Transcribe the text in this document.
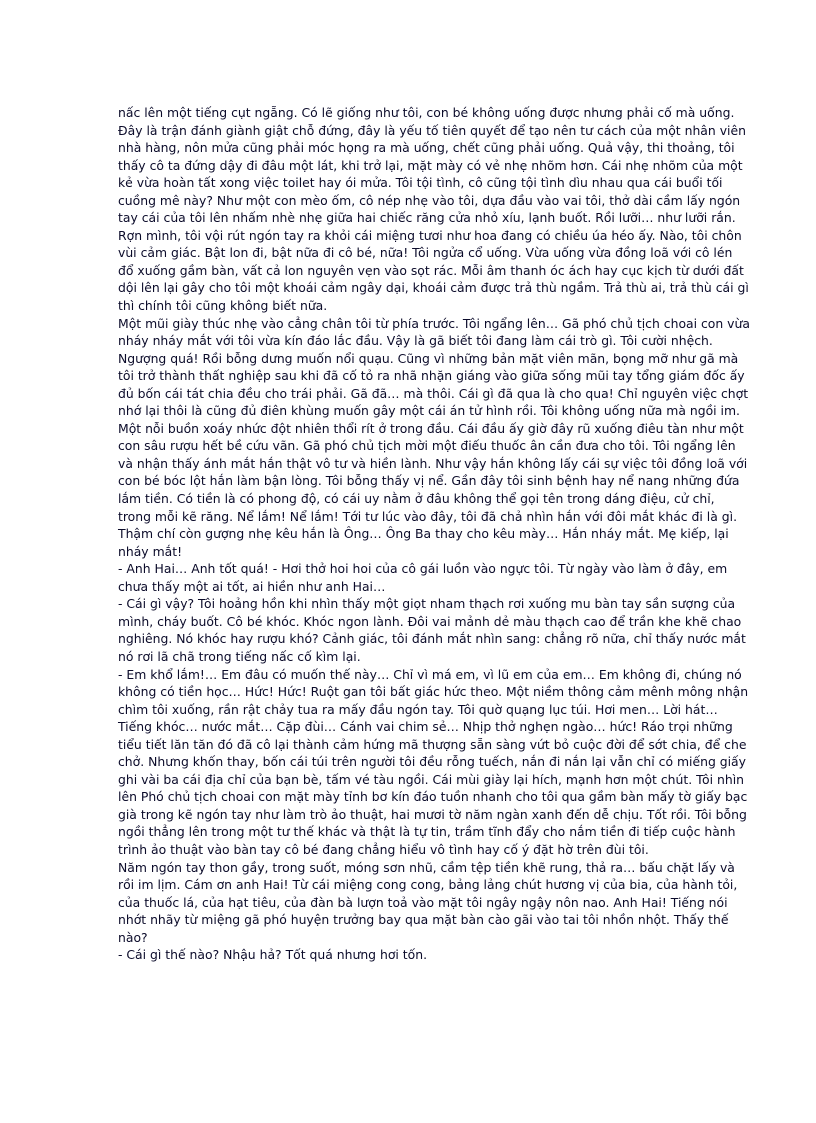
nấc lên một tiếng cụt ngẵng. Có lẽ giống như tôi, con bé không uống được nhưng phải cố mà uống. Đây là trận đánh giành giật chỗ đứng, đây là yếu tố tiên quyết để tạo nên tư cách của một nhân viên nhà hàng, nôn mửa cũng phải móc họng ra mà uống, chết cũng phải uống. Quả vậy, thi thoảng, tôi thấy cô ta đứng dậy đi đâu một lát, khi trở lại, mặt mày có vẻ nhẹ nhõm hơn. Cái nhẹ nhõm của một kẻ vừa hoàn tất xong việc toilet hay ói mửa. Tôi tội tình, cô cũng tội tình dìu nhau qua cái buổi tối cuồng mê này? Như một con mèo ốm, cô nép nhẹ vào tôi, dựa đầu vào vai tôi, thở dài cầm lấy ngón tay cái của tôi lên nhấm nhè nhẹ giữa hai chiếc răng cửa nhỏ xíu, lạnh buốt. Rồi lưỡi… như lưỡi rắn. Rợn mình, tôi vội rút ngón tay ra khỏi cái miệng tươi như hoa đang có chiều úa héo ấy. Nào, tôi chôn vùi cảm giác. Bật lon đi, bật nữa đi cô bé, nữa! Tôi ngửa cổ uống. Vừa uống vừa đồng loã với cô lén đổ xuống gầm bàn, vất cả lon nguyên vẹn vào sọt rác. Mỗi âm thanh óc ách hay cục kịch từ dưới đất dội lên lại gây cho tôi một khoái cảm ngây dại, khoái cảm được trả thù ngầm. Trả thù ai, trả thù cái gì thì chính tôi cũng không biết nữa.

Một mũi giày thúc nhẹ vào cẳng chân tôi từ phía trước. Tôi ngẩng lên… Gã phó chủ tịch choai con vừa nháy nháy mắt với tôi vừa kín đáo lắc đầu. Vậy là gã biết tôi đang làm cái trò gì. Tôi cười nhệch. Ngượng quá! Rồi bỗng dưng muốn nổi quạu. Cũng vì những bản mặt viên mãn, bọng mỡ như gã mà tôi trở thành thất nghiệp sau khi đã cố tỏ ra nhã nhặn giáng vào giữa sống mũi tay tổng giám đốc ấy đủ bốn cái tát chia đều cho trái phải. Gã đã… mà thôi. Cái gì đã qua là cho qua! Chỉ nguyên việc chợt nhớ lại thôi là cũng đủ điên khùng muốn gây một cái án tử hình rồi. Tôi không uống nữa mà ngồi im. Một nỗi buồn xoáy nhức đột nhiên thổi rít ở trong đầu. Cái đầu ấy giờ đây rũ xuống điêu tàn như một con sâu rượu hết bề cứu vãn. Gã phó chủ tịch mời một điếu thuốc ân cần đưa cho tôi. Tôi ngẩng lên và nhận thấy ánh mắt hắn thật vô tư và hiền lành. Như vậy hắn không lấy cái sự việc tôi đồng loã với con bé bóc lột hắn làm bận lòng. Tôi bỗng thấy vị nể. Gần đây tôi sinh bệnh hay nể nang những đứa lắm tiền. Có tiền là có phong độ, có cái uy nằm ở đâu không thể gọi tên trong dáng điệu, cử chỉ, trong mỗi kẽ răng. Nể lắm! Nể lắm! Tới tư lúc vào đây, tôi đã chả nhìn hắn với đôi mắt khác đi là gì. Thậm chí còn gượng nhẹ kêu hắn là Ông… Ông Ba thay cho kêu mày… Hắn nháy mắt. Mẹ kiếp, lại nháy mắt!

- Anh Hai… Anh tốt quá! - Hơi thở hoi hoi của cô gái luồn vào ngực tôi. Từ ngày vào làm ở đây, em chưa thấy một ai tốt, ai hiền như anh Hai…

- Cái gì vậy? Tôi hoảng hồn khi nhìn thấy một giọt nham thạch rơi xuống mu bàn tay sần sượng của mình, cháy buốt. Cô bé khóc. Khóc ngon lành. Đôi vai mảnh dẻ màu thạch cao để trần khe khẽ chao nghiêng. Nó khóc hay rượu khó? Cảnh giác, tôi đánh mắt nhìn sang: chẳng rõ nữa, chỉ thấy nước mắt nó rơi lã chã trong tiếng nấc cố kìm lại.

- Em khổ lắm!… Em đâu có muốn thế này… Chỉ vì má em, vì lũ em của em… Em không đi, chúng nó không có tiền học… Hức! Hức! Ruột gan tôi bất giác hức theo. Một niềm thông cảm mênh mông nhận chìm tôi xuống, rần rật chảy tua ra mấy đầu ngón tay. Tôi quờ quạng lục túi. Hơi men… Lời hát… Tiếng khóc… nước mắt… Cặp đùi… Cánh vai chim sẻ… Nhịp thở nghẹn ngào… hức! Ráo trọi những tiểu tiết lăn tăn đó đã cô lại thành cảm hứng mã thượng sẵn sàng vứt bỏ cuộc đời để sớt chia, để che chở. Nhưng khốn thay, bốn cái túi trên người tôi đều rỗng tuếch, nắn đi nắn lại vẫn chỉ có miếng giấy ghi vài ba cái địa chỉ của bạn bè, tấm vé tàu ngồi. Cái mùi giày lại hích, mạnh hơn một chút. Tôi nhìn lên Phó chủ tịch choai con mặt mày tỉnh bơ kín đáo tuồn nhanh cho tôi qua gầm bàn mấy tờ giấy bạc già trong kẽ ngón tay như làm trò ảo thuật, hai mươi tờ năm ngàn xanh đến dễ chịu. Tốt rồi. Tôi bỗng ngồi thẳng lên trong một tư thế khác và thật là tự tin, trầm tĩnh đẩy cho nắm tiền đi tiếp cuộc hành trình ảo thuật vào bàn tay cô bé đang chẳng hiểu vô tình hay cố ý đặt hờ trên đùi tôi.

Năm ngón tay thon gầy, trong suốt, móng sơn nhũ, cầm tệp tiền khẽ rung, thả ra… bấu chặt lấy và rồi im lịm. Cám ơn anh Hai! Từ cái miệng cong cong, bảng lảng chút hương vị của bia, của hành tỏi, của thuốc lá, của hạt tiêu, của đàn bà lượn toả vào mặt tôi ngây ngậy nôn nao. Anh Hai! Tiếng nói nhớt nhãy từ miệng gã phó huyện trưởng bay qua mặt bàn cào gãi vào tai tôi nhồn nhột. Thấy thế nào?

- Cái gì thế nào? Nhậu hả? Tốt quá nhưng hơi tốn.
